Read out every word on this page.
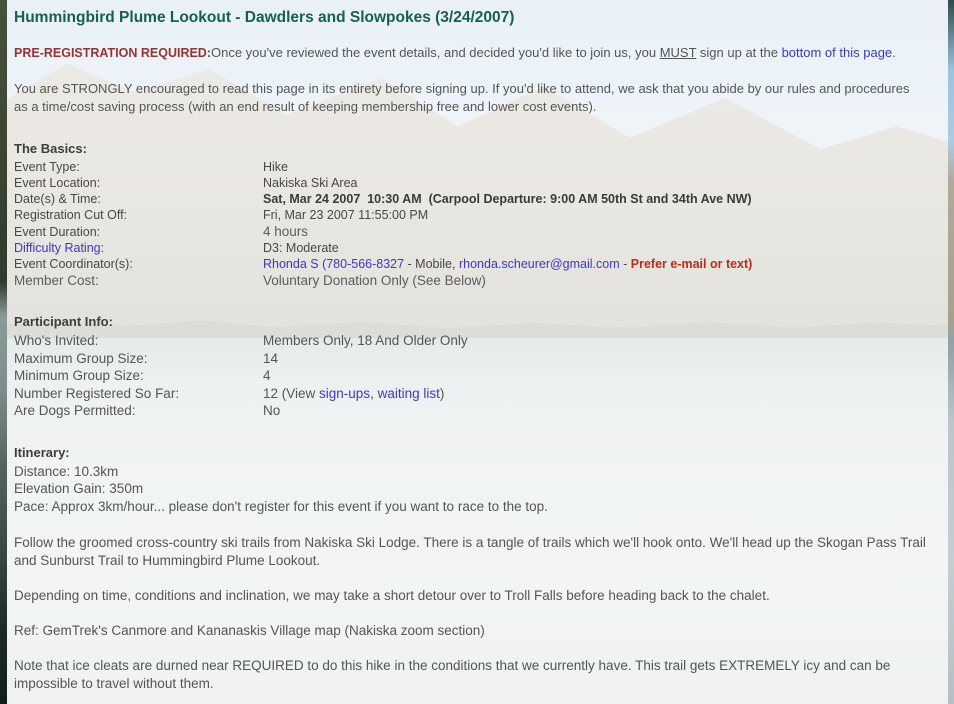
Hummingbird Plume Lookout - Dawdlers and Slowpokes (3/24/2007)

PRE-REGISTRATION REQUIRED:Once you've reviewed the event details, and decided you'd like to join us, you MUST sign up at the bottom of this page.

You are STRONGLY encouraged to read this page in its entirety before signing up. If you'd like to attend, we ask that you abide by our rules and procedures as a time/cost saving process (with an end result of keeping membership free and lower cost events).

The Basics:
Event Type:	Hike
Event Location:	Nakiska Ski Area
Date(s) & Time:	Sat, Mar 24 2007  10:30 AM  (Carpool Departure: 9:00 AM 50th St and 34th Ave NW)
Registration Cut Off:	Fri, Mar 23 2007 11:55:00 PM
Event Duration:	4 hours
Difficulty Rating:	D3: Moderate
Event Coordinator(s):	Rhonda S (780-566-8327 - Mobile, rhonda.scheurer@gmail.com - Prefer e-mail or text)
Member Cost:	Voluntary Donation Only (See Below)
Participant Info:
Who's Invited:	Members Only, 18 And Older Only
Maximum Group Size:	14
Minimum Group Size:	4
Number Registered So Far:	12 (View sign-ups, waiting list)
Are Dogs Permitted:	No
Itinerary:
Distance: 10.3km
Elevation Gain: 350m
Pace: Approx 3km/hour... please don't register for this event if you want to race to the top.

Follow the groomed cross-country ski trails from Nakiska Ski Lodge. There is a tangle of trails which we'll hook onto. We'll head up the Skogan Pass Trail and Sunburst Trail to Hummingbird Plume Lookout.

Depending on time, conditions and inclination, we may take a short detour over to Troll Falls before heading back to the chalet.

Ref: GemTrek's Canmore and Kananaskis Village map (Nakiska zoom section)

Note that ice cleats are durned near REQUIRED to do this hike in the conditions that we currently have. This trail gets EXTREMELY icy and can be impossible to travel without them.
